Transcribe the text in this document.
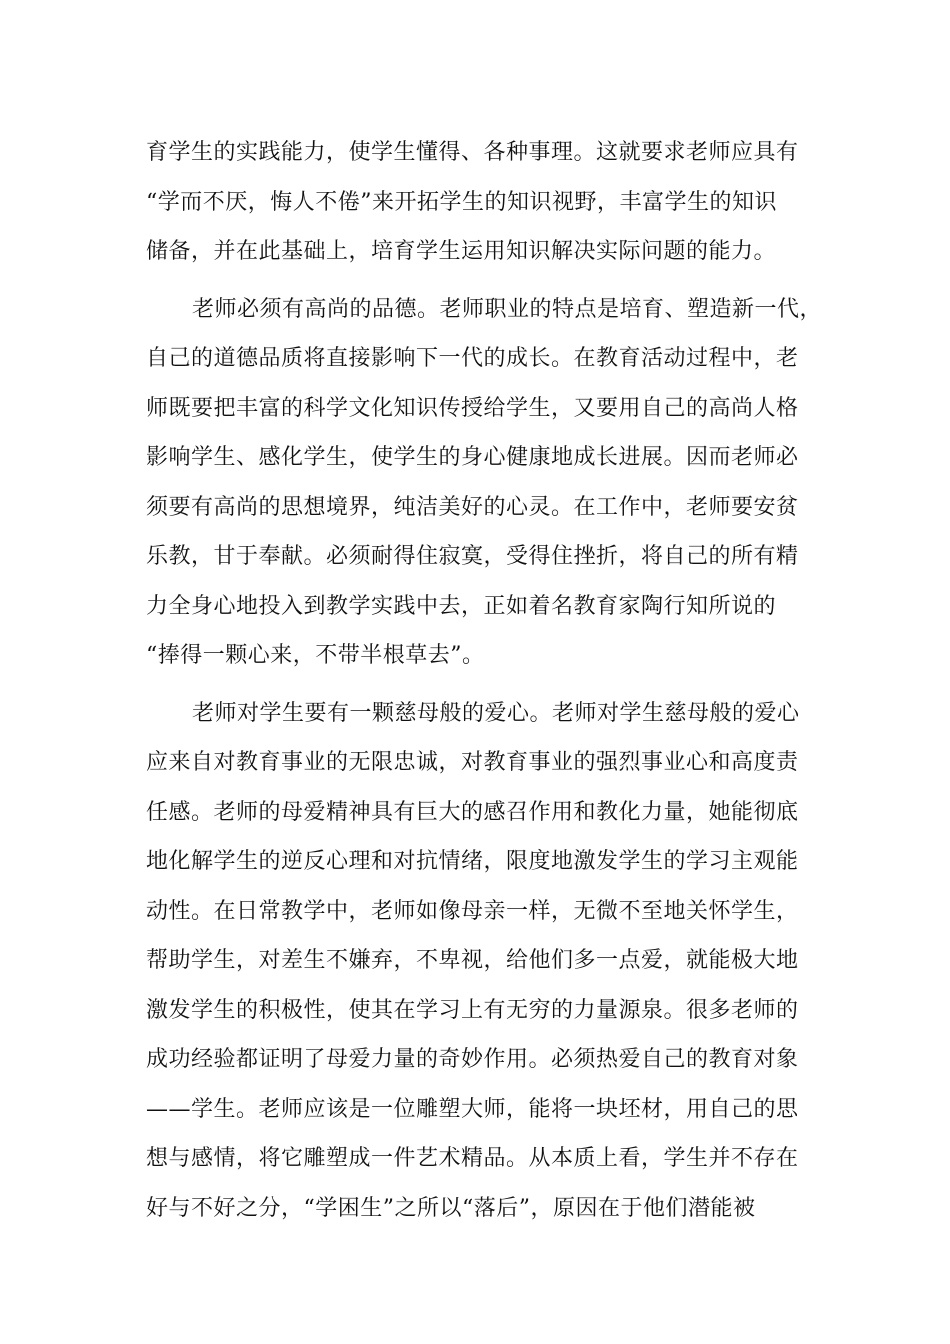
育学生的实践能力，使学生懂得、各种事理。这就要求老师应具有
“学而不厌，悔人不倦”来开拓学生的知识视野，丰富学生的知识
储备，并在此基础上，培育学生运用知识解决实际问题的能力。
老师必须有高尚的品德。老师职业的特点是培育、塑造新一代，
自己的道德品质将直接影响下一代的成长。在教育活动过程中，老
师既要把丰富的科学文化知识传授给学生，又要用自己的高尚人格
影响学生、感化学生，使学生的身心健康地成长进展。因而老师必
须要有高尚的思想境界，纯洁美好的心灵。在工作中，老师要安贫
乐教，甘于奉献。必须耐得住寂寞，受得住挫折，将自己的所有精
力全身心地投入到教学实践中去，正如着名教育家陶行知所说的
“捧得一颗心来，不带半根草去”。
老师对学生要有一颗慈母般的爱心。老师对学生慈母般的爱心
应来自对教育事业的无限忠诚，对教育事业的强烈事业心和高度责
任感。老师的母爱精神具有巨大的感召作用和教化力量，她能彻底
地化解学生的逆反心理和对抗情绪，限度地激发学生的学习主观能
动性。在日常教学中，老师如像母亲一样，无微不至地关怀学生，
帮助学生，对差生不嫌弃，不卑视，给他们多一点爱，就能极大地
激发学生的积极性，使其在学习上有无穷的力量源泉。很多老师的
成功经验都证明了母爱力量的奇妙作用。必须热爱自己的教育对象
——学生。老师应该是一位雕塑大师，能将一块坯材，用自己的思
想与感情，将它雕塑成一件艺术精品。从本质上看，学生并不存在
好与不好之分，“学困生”之所以“落后”，原因在于他们潜能被
